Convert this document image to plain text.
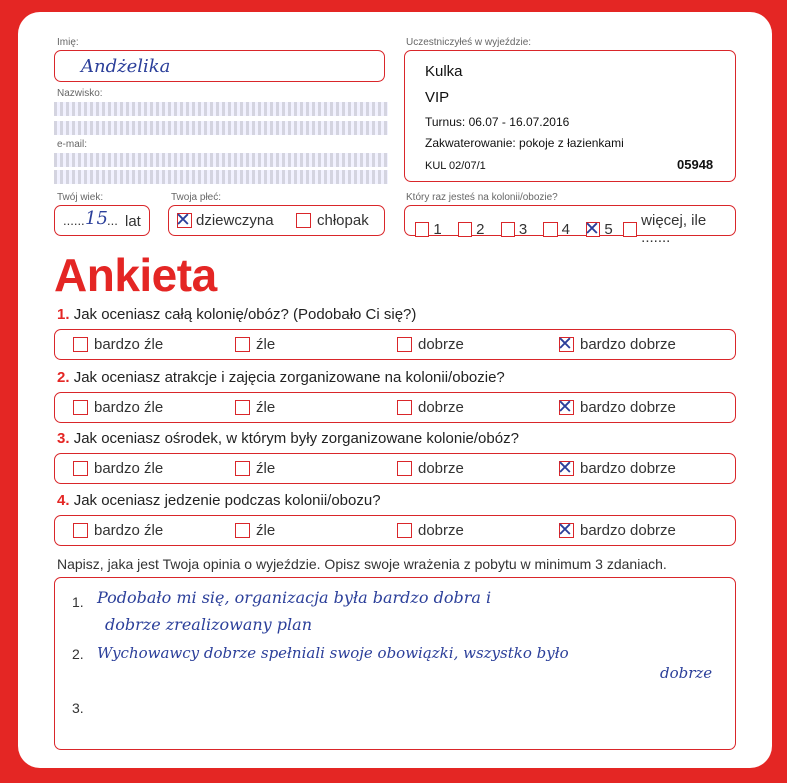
Imię:
Andżelika
Nazwisko:
e-mail:
Twój wiek:
...... 15 ... lat
Twoja płeć:
✕ dziewczyna	chłopak
Uczestniczyłeś w wyjeździe:
Kulka
VIP
Turnus: 06.07 - 16.07.2016
Zakwaterowanie: pokoje z łazienkami
KUL 02/07/1	05948
Który raz jesteś na kolonii/obozie?
1 2 3 4 ✕ 5 więcej, ile .......
Ankieta
1. Jak oceniasz całą kolonię/obóz? (Podobało Ci się?)
bardzo źle	źle	dobrze	✕ bardzo dobrze
2. Jak oceniasz atrakcje i zajęcia zorganizowane na kolonii/obozie?
bardzo źle	źle	dobrze	✕ bardzo dobrze
3. Jak oceniasz ośrodek, w którym były zorganizowane kolonie/obóz?
bardzo źle	źle	dobrze	✕ bardzo dobrze
4. Jak oceniasz jedzenie podczas kolonii/obozu?
bardzo źle	źle	dobrze	✕ bardzo dobrze
Napisz, jaka jest Twoja opinia o wyjeździe. Opisz swoje wrażenia z pobytu w minimum 3 zdaniach.
1.
2.
3.
Podobało mi się, organizacja była bardzo dobra i
dobrze zrealizowany plan
Wychowawcy dobrze spełniali swoje obowiązki, wszystko było
dobrze
